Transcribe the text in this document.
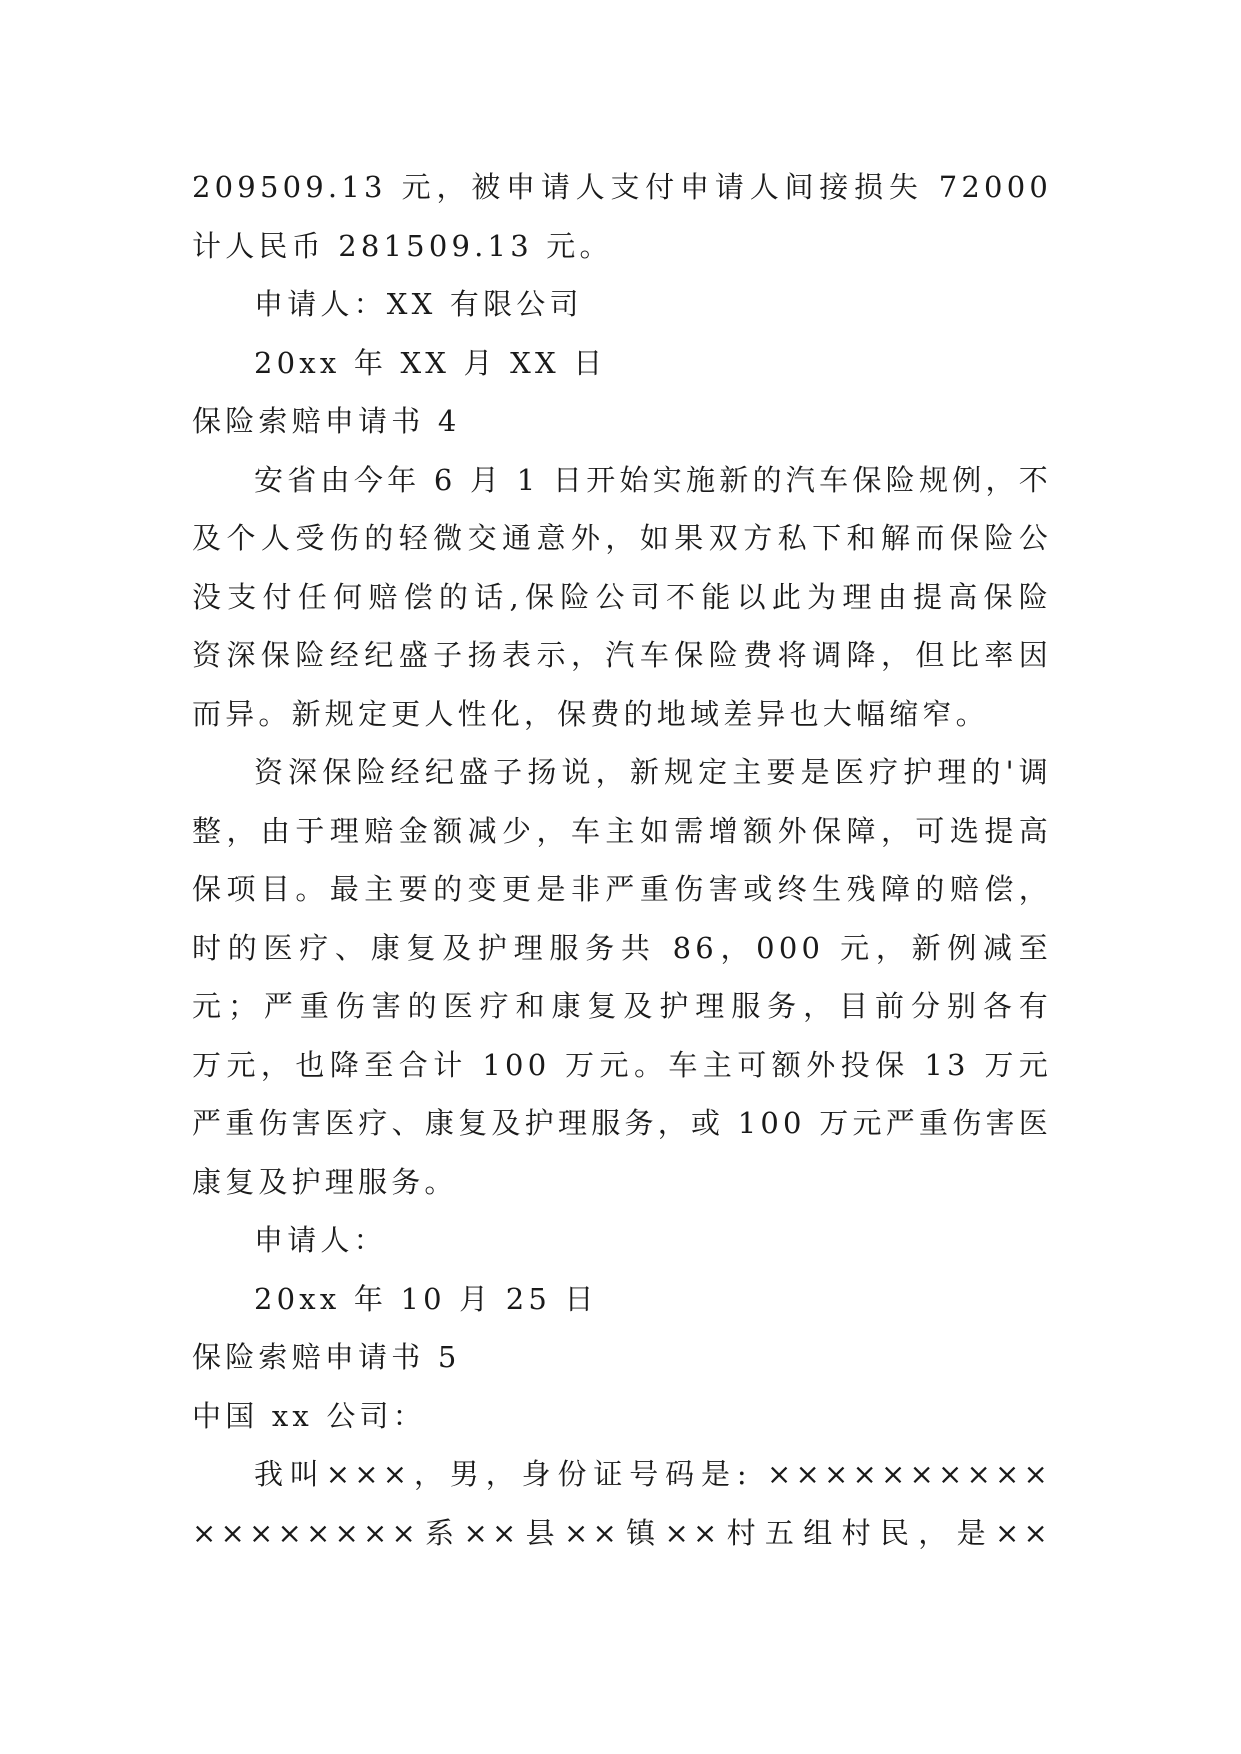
209509.13 元，被申请人支付申请人间接损失 72000
计人民币 281509.13 元。
申请人：XX 有限公司
20xx 年 XX 月 XX 日
保险索赔申请书 4
安省由今年 6 月 1 日开始实施新的汽车保险规例，不
及个人受伤的轻微交通意外，如果双方私下和解而保险公
没支付任何赔偿的话,保险公司不能以此为理由提高保险
资深保险经纪盛子扬表示，汽车保险费将调降，但比率因
而异。新规定更人性化，保费的地域差异也大幅缩窄。
资深保险经纪盛子扬说，新规定主要是医疗护理的'调
整，由于理赔金额减少，车主如需增额外保障，可选提高
保项目。最主要的变更是非严重伤害或终生残障的赔偿，
时的医疗、康复及护理服务共 86，000 元，新例减至
元；严重伤害的医疗和康复及护理服务，目前分别各有
万元，也降至合计 100 万元。车主可额外投保 13 万元
严重伤害医疗、康复及护理服务，或 100 万元严重伤害医
康复及护理服务。
申请人：
20xx 年 10 月 25 日
保险索赔申请书 5
中国 xx 公司：
我叫×××，男，身份证号码是: ××××××××××
××××××××系××县××镇××村五组村民，是××
